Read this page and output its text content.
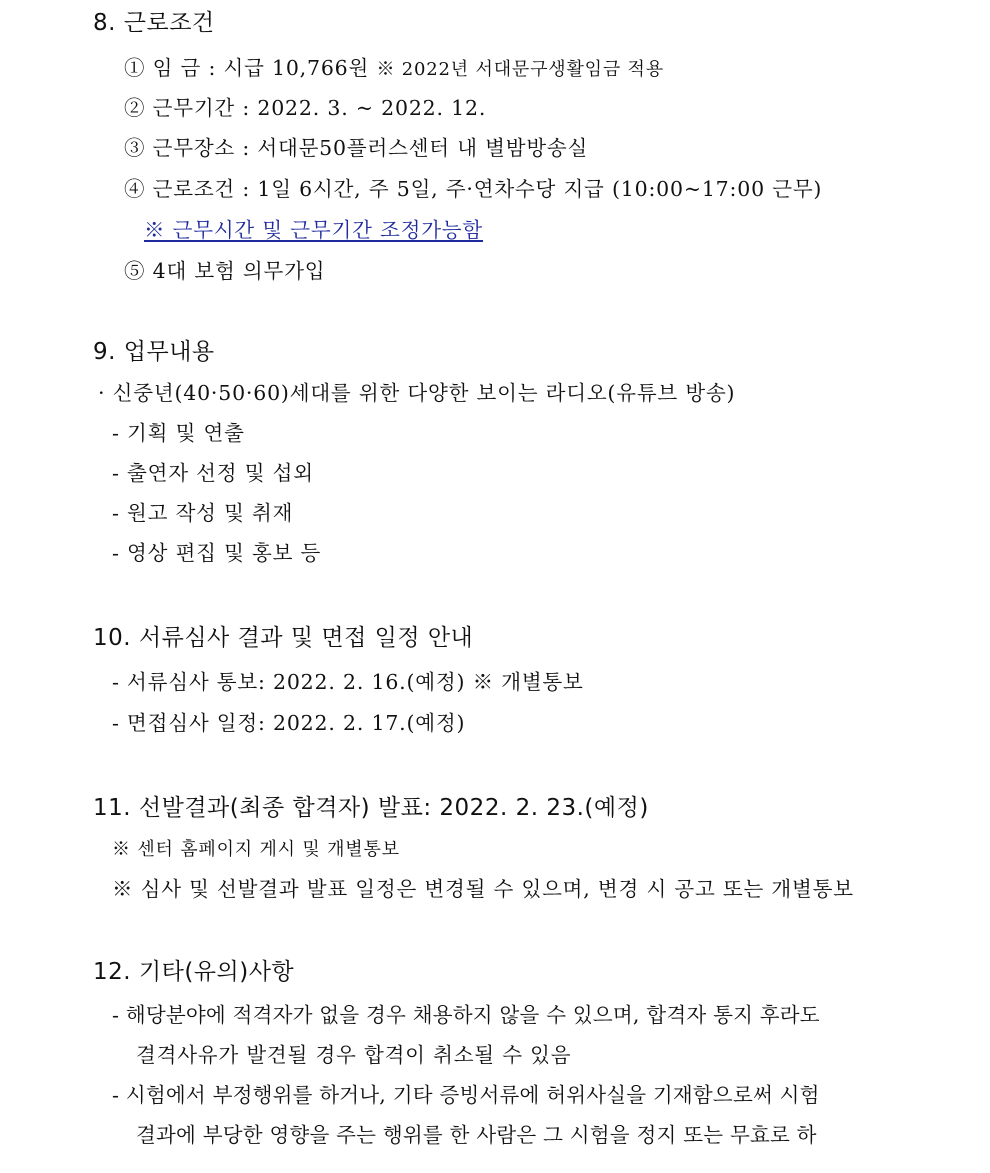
8. 근로조건
① 임 금 : 시급 10,766원 ※ 2022년 서대문구생활임금 적용
② 근무기간 : 2022. 3. ~ 2022. 12.
③ 근무장소 : 서대문50플러스센터 내 별밤방송실
④ 근로조건 : 1일 6시간, 주 5일, 주·연차수당 지급 (10:00~17:00 근무)
※ 근무시간 및 근무기간 조정가능함
⑤ 4대 보험 의무가입
9. 업무내용
· 신중년(40·50·60)세대를 위한 다양한 보이는 라디오(유튜브 방송)
- 기획 및 연출
- 출연자 선정 및 섭외
- 원고 작성 및 취재
- 영상 편집 및 홍보 등
10. 서류심사 결과 및 면접 일정 안내
- 서류심사 통보: 2022. 2. 16.(예정) ※ 개별통보
- 면접심사 일정: 2022. 2. 17.(예정)
11. 선발결과(최종 합격자) 발표: 2022. 2. 23.(예정)
※ 센터 홈페이지 게시 및 개별통보
※ 심사 및 선발결과 발표 일정은 변경될 수 있으며, 변경 시 공고 또는 개별통보
12. 기타(유의)사항
- 해당분야에 적격자가 없을 경우 채용하지 않을 수 있으며, 합격자 통지 후라도
결격사유가 발견될 경우 합격이 취소될 수 있음
- 시험에서 부정행위를 하거나, 기타 증빙서류에 허위사실을 기재함으로써 시험
결과에 부당한 영향을 주는 행위를 한 사람은 그 시험을 정지 또는 무효로 하
